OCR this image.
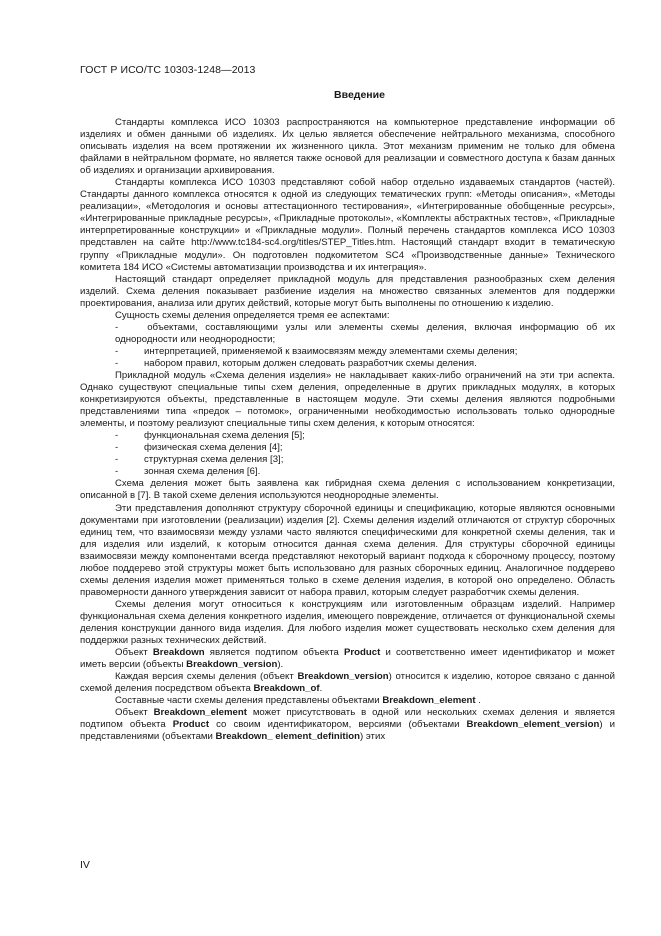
ГОСТ Р ИСО/ТС 10303-1248—2013
Введение

Стандарты комплекса ИСО 10303 распространяются на компьютерное представление информации об изделиях и обмен данными об изделиях. Их целью является обеспечение нейтрального механизма, способного описывать изделия на всем протяжении их жизненного цикла. Этот механизм применим не только для обмена файлами в нейтральном формате, но является также основой для реализации и совместного доступа к базам данных об изделиях и организации архивирования.

Стандарты комплекса ИСО 10303 представляют собой набор отдельно издаваемых стандартов (частей). Стандарты данного комплекса относятся к одной из следующих тематических групп: «Методы описания», «Методы реализации», «Методология и основы аттестационного тестирования», «Интегрированные обобщенные ресурсы», «Интегрированные прикладные ресурсы», «Прикладные протоколы», «Комплекты абстрактных тестов», «Прикладные интерпретированные конструкции» и «Прикладные модули». Полный перечень стандартов комплекса ИСО 10303 представлен на сайте http://www.tc184-sc4.org/titles/STEP_Titles.htm. Настоящий стандарт входит в тематическую группу «Прикладные модули». Он подготовлен подкомитетом SC4 «Производственные данные» Технического комитета 184 ИСО «Системы автоматизации производства и их интеграция».

Настоящий стандарт определяет прикладной модуль для представления разнообразных схем деления изделий. Схема деления показывает разбиение изделия на множество связанных элементов для поддержки проектирования, анализа или других действий, которые могут быть выполнены по отношению к изделию.

Сущность схемы деления определяется тремя ее аспектами:

-	объектами, составляющими узлы или элементы схемы деления, включая информацию об их однородности или неоднородности;

-	интерпретацией, применяемой к взаимосвязям между элементами схемы деления;

-	набором правил, которым должен следовать разработчик схемы деления.

Прикладной модуль «Схема деления изделия» не накладывает каких-либо ограничений на эти три аспекта. Однако существуют специальные типы схем деления, определенные в других прикладных модулях, в которых конкретизируются объекты, представленные в настоящем модуле. Эти схемы деления являются подробными представлениями типа «предок – потомок», ограниченными необходимостью использовать только однородные элементы, и поэтому реализуют специальные типы схем деления, к которым относятся:

-	функциональная схема деления [5];

-	физическая схема деления [4];

-	структурная схема деления [3];

-	зонная схема деления [6].

Схема деления может быть заявлена как гибридная схема деления с использованием конкретизации, описанной в [7]. В такой схеме деления используются неоднородные элементы.

Эти представления дополняют структуру сборочной единицы и спецификацию, которые являются основными документами при изготовлении (реализации) изделия [2]. Схемы деления изделий отличаются от структур сборочных единиц тем, что взаимосвязи между узлами часто являются специфическими для конкретной схемы деления, так и для изделия или изделий, к которым относится данная схема деления. Для структуры сборочной единицы взаимосвязи между компонентами всегда представляют некоторый вариант подхода к сборочному процессу, поэтому любое поддерево этой структуры может быть использовано для разных сборочных единиц. Аналогичное поддерево схемы деления изделия может применяться только в схеме деления изделия, в которой оно определено. Область правомерности данного утверждения зависит от набора правил, которым следует разработчик схемы деления.

Схемы деления могут относиться к конструкциям или изготовленным образцам изделий. Например функциональная схема деления конкретного изделия, имеющего повреждение, отличается от функциональной схемы деления конструкции данного вида изделия. Для любого изделия может существовать несколько схем деления для поддержки разных технических действий.

Объект Breakdown является подтипом объекта Product и соответственно имеет идентификатор и может иметь версии (объекты Breakdown_version).

Каждая версия схемы деления (объект Breakdown_version) относится к изделию, которое связано с данной схемой деления посредством объекта Breakdown_of.

Составные части схемы деления представлены объектами Breakdown_element .

Объект Breakdown_element может присутствовать в одной или нескольких схемах деления и является подтипом объекта Product со своим идентификатором, версиями (объектами Breakdown_element_version) и представлениями (объектами Breakdown_ element_definition) этих

IV
